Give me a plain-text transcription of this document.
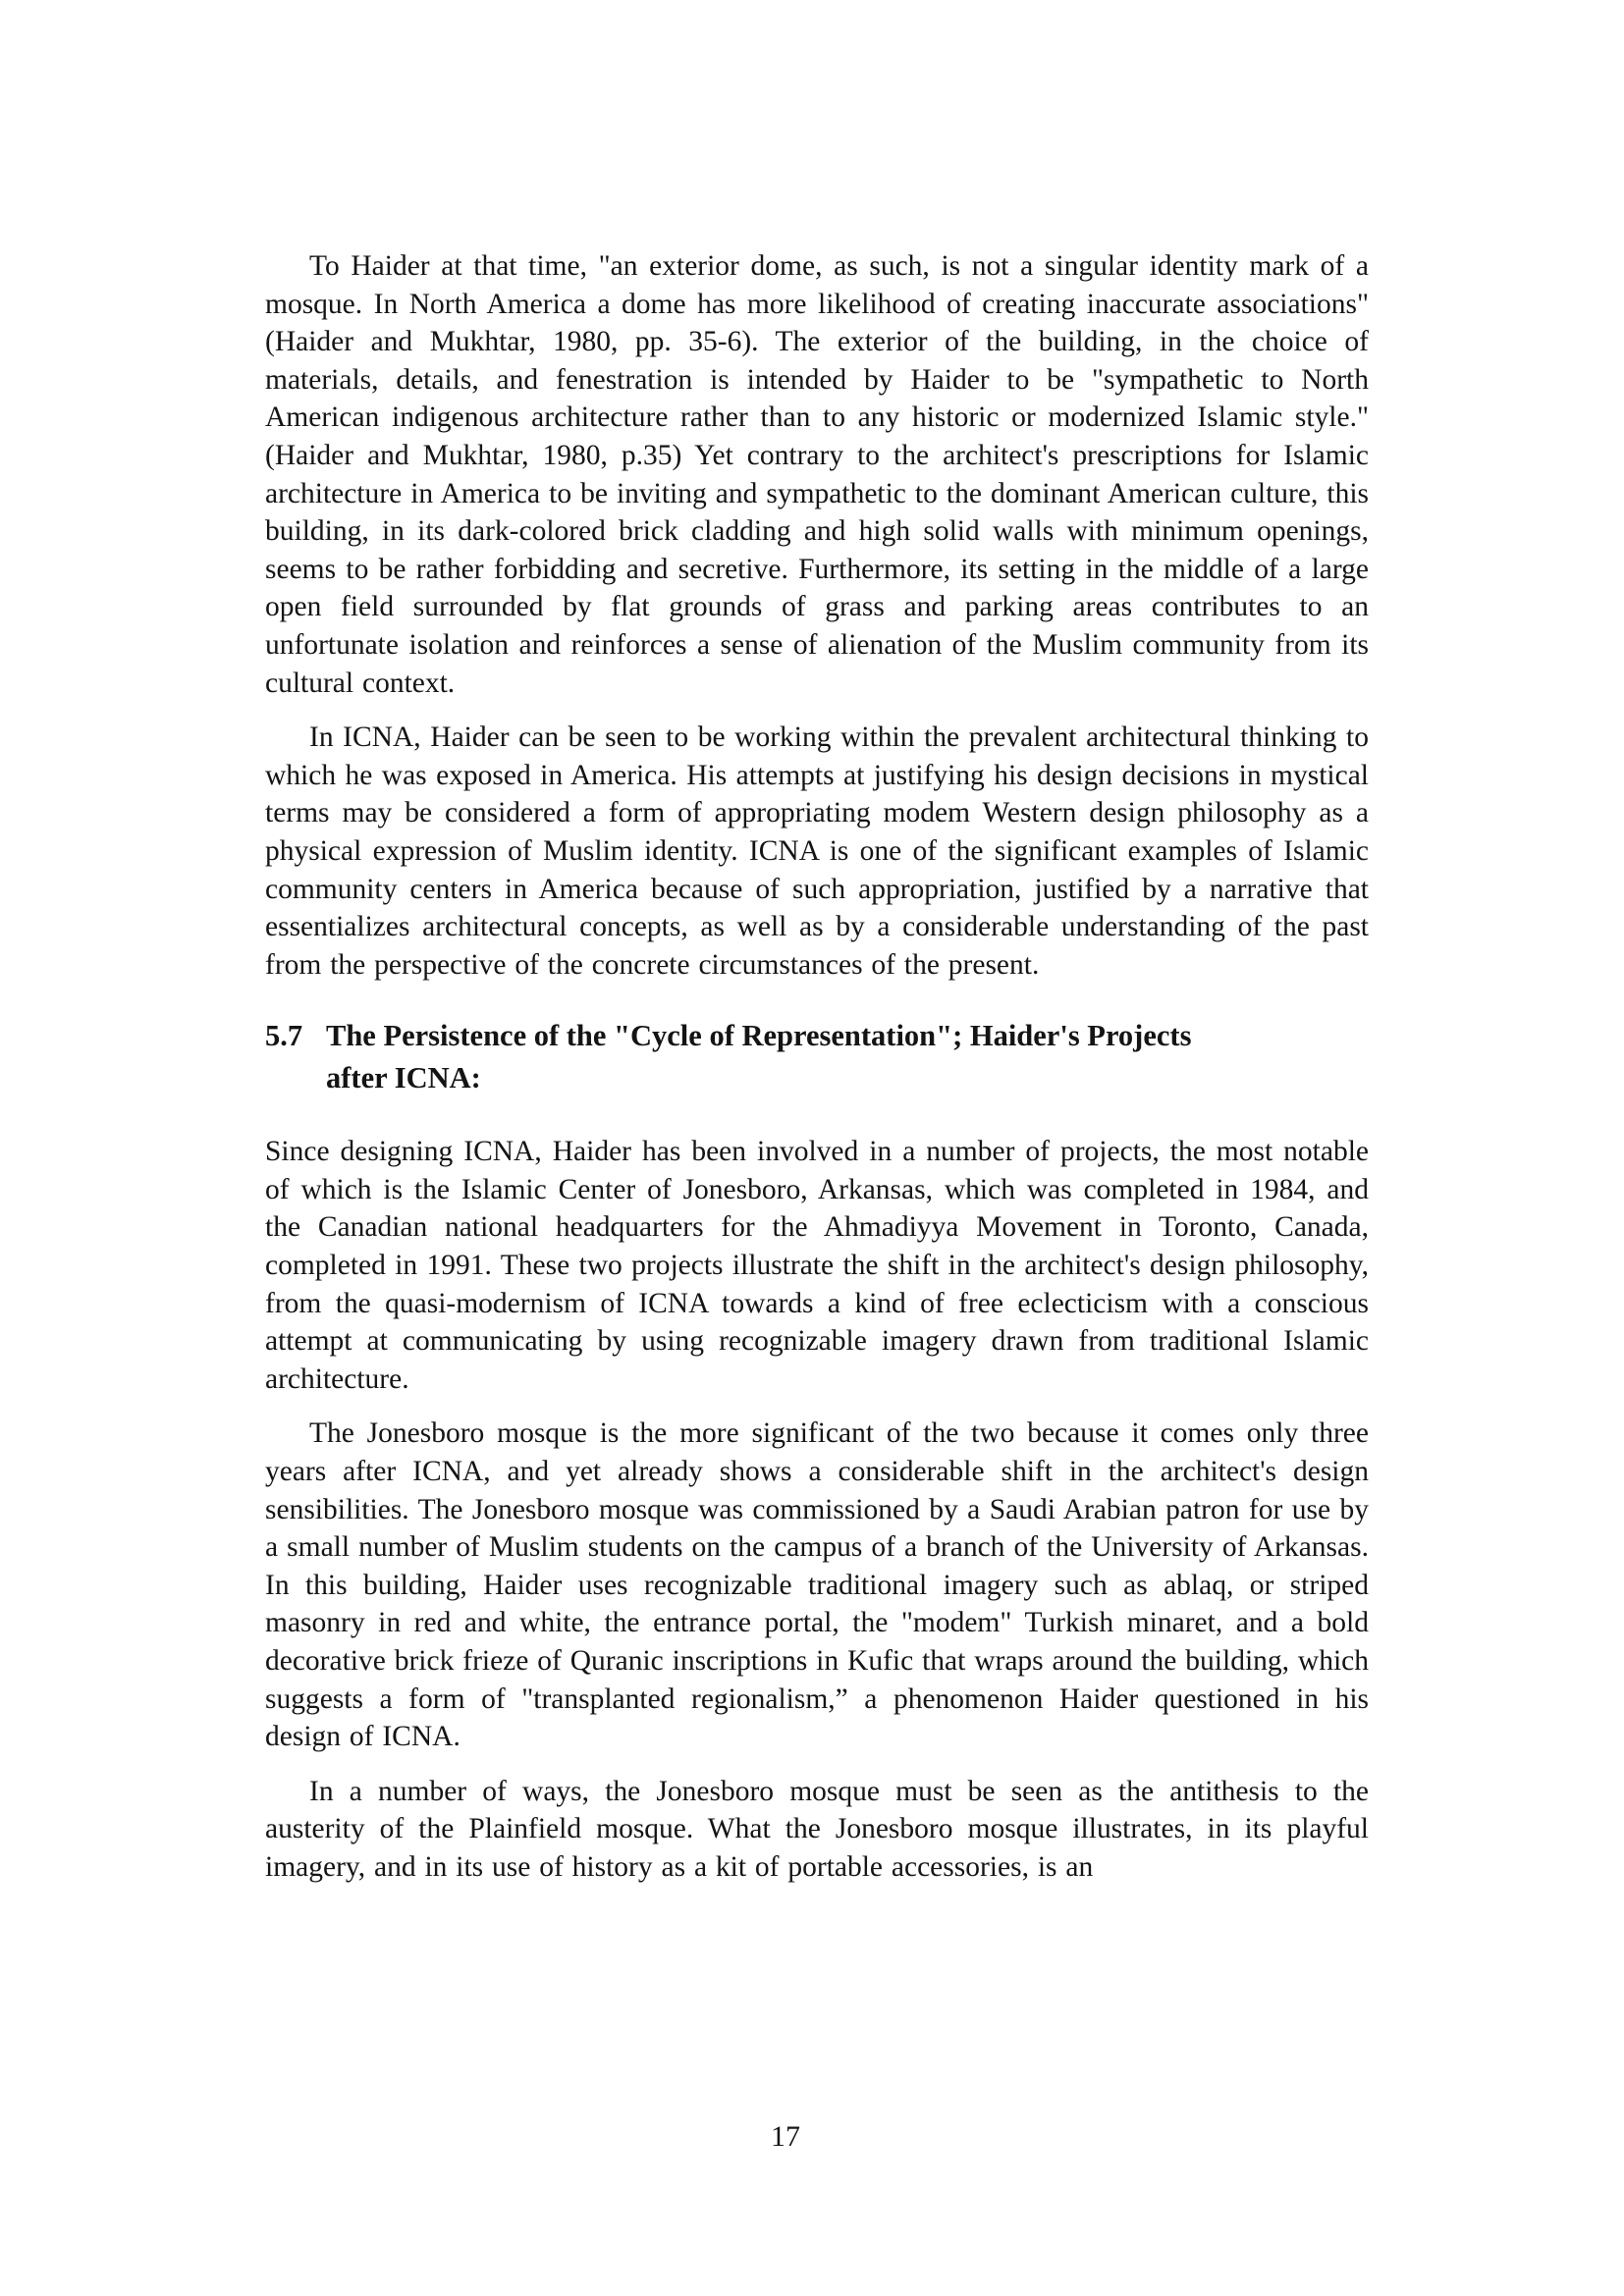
To Haider at that time, "an exterior dome, as such, is not a singular identity mark of a mosque. In North America a dome has more likelihood of creating inaccurate associations" (Haider and Mukhtar, 1980, pp. 35-6). The exterior of the building, in the choice of materials, details, and fenestration is intended by Haider to be "sympathetic to North American indigenous architecture rather than to any historic or modernized Islamic style." (Haider and Mukhtar, 1980, p.35) Yet contrary to the architect's prescriptions for Islamic architecture in America to be inviting and sympathetic to the dominant American culture, this building, in its dark-colored brick cladding and high solid walls with minimum openings, seems to be rather forbidding and secretive. Furthermore, its setting in the middle of a large open field surrounded by flat grounds of grass and parking areas contributes to an unfortunate isolation and reinforces a sense of alienation of the Muslim community from its cultural context.

In ICNA, Haider can be seen to be working within the prevalent architectural thinking to which he was exposed in America. His attempts at justifying his design decisions in mystical terms may be considered a form of appropriating modem Western design philosophy as a physical expression of Muslim identity. ICNA is one of the significant examples of Islamic community centers in America because of such appropriation, justified by a narrative that essentializes architectural concepts, as well as by a considerable understanding of the past from the perspective of the concrete circumstances of the present.

5.7 The Persistence of the "Cycle of Representation"; Haider's Projects
after ICNA:

Since designing ICNA, Haider has been involved in a number of projects, the most notable of which is the Islamic Center of Jonesboro, Arkansas, which was completed in 1984, and the Canadian national headquarters for the Ahmadiyya Movement in Toronto, Canada, completed in 1991. These two projects illustrate the shift in the architect's design philosophy, from the quasi-modernism of ICNA towards a kind of free eclecticism with a conscious attempt at communicating by using recognizable imagery drawn from traditional Islamic architecture.

The Jonesboro mosque is the more significant of the two because it comes only three years after ICNA, and yet already shows a considerable shift in the architect's design sensibilities. The Jonesboro mosque was commissioned by a Saudi Arabian patron for use by a small number of Muslim students on the campus of a branch of the University of Arkansas. In this building, Haider uses recognizable traditional imagery such as ablaq, or striped masonry in red and white, the entrance portal, the "modem" Turkish minaret, and a bold decorative brick frieze of Quranic inscriptions in Kufic that wraps around the building, which suggests a form of "transplanted regionalism,” a phenomenon Haider questioned in his design of ICNA.

In a number of ways, the Jonesboro mosque must be seen as the antithesis to the austerity of the Plainfield mosque. What the Jonesboro mosque illustrates, in its playful imagery, and in its use of history as a kit of portable accessories, is an

17
